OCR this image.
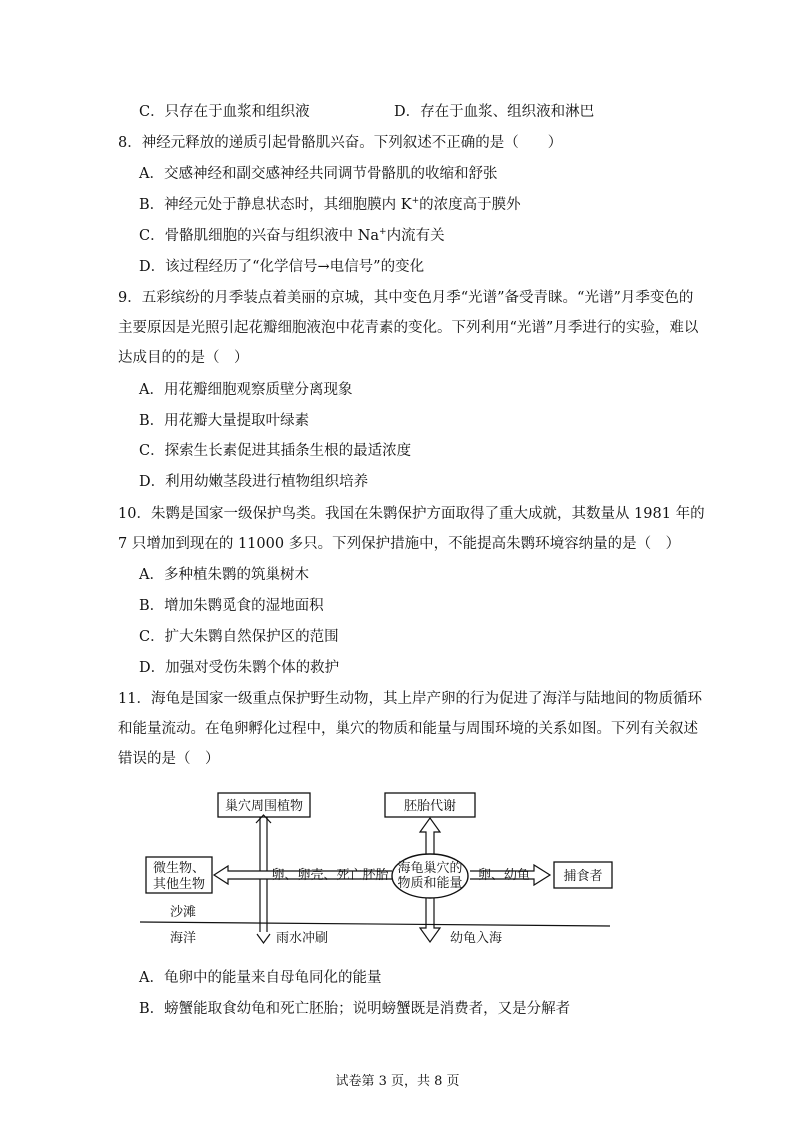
C．只存在于血浆和组织液	D．存在于血浆、组织液和淋巴
8．神经元释放的递质引起骨骼肌兴奋。下列叙述不正确的是（　　）
A．交感神经和副交感神经共同调节骨骼肌的收缩和舒张
B．神经元处于静息状态时，其细胞膜内 K+的浓度高于膜外
C．骨骼肌细胞的兴奋与组织液中 Na+内流有关
D．该过程经历了“化学信号→电信号”的变化
9．五彩缤纷的月季装点着美丽的京城，其中变色月季“光谱”备受青睐。“光谱”月季变色的
主要原因是光照引起花瓣细胞液泡中花青素的变化。下列利用“光谱”月季进行的实验，难以
达成目的的是（　）
A．用花瓣细胞观察质壁分离现象
B．用花瓣大量提取叶绿素
C．探索生长素促进其插条生根的最适浓度
D．利用幼嫩茎段进行植物组织培养
10．朱鹮是国家一级保护鸟类。我国在朱鹮保护方面取得了重大成就，其数量从 1981 年的
7 只增加到现在的 11000 多只。下列保护措施中，不能提高朱鹮环境容纳量的是（　）
A．多种植朱鹮的筑巢树木
B．增加朱鹮觅食的湿地面积
C．扩大朱鹮自然保护区的范围
D．加强对受伤朱鹮个体的救护
11．海龟是国家一级重点保护野生动物，其上岸产卵的行为促进了海洋与陆地间的物质循环
和能量流动。在龟卵孵化过程中，巢穴的物质和能量与周围环境的关系如图。下列有关叙述
错误的是（　）
巢穴周围植物	胚胎代谢
微生物、
其他生物
捕食者
卵、卵壳、死亡胚胎	卵、幼龟
海龟巢穴的
物质和能量
沙滩
海洋	雨水冲刷	幼龟入海
A．龟卵中的能量来自母龟同化的能量
B．螃蟹能取食幼龟和死亡胚胎；说明螃蟹既是消费者，又是分解者
试卷第 3 页，共 8 页
